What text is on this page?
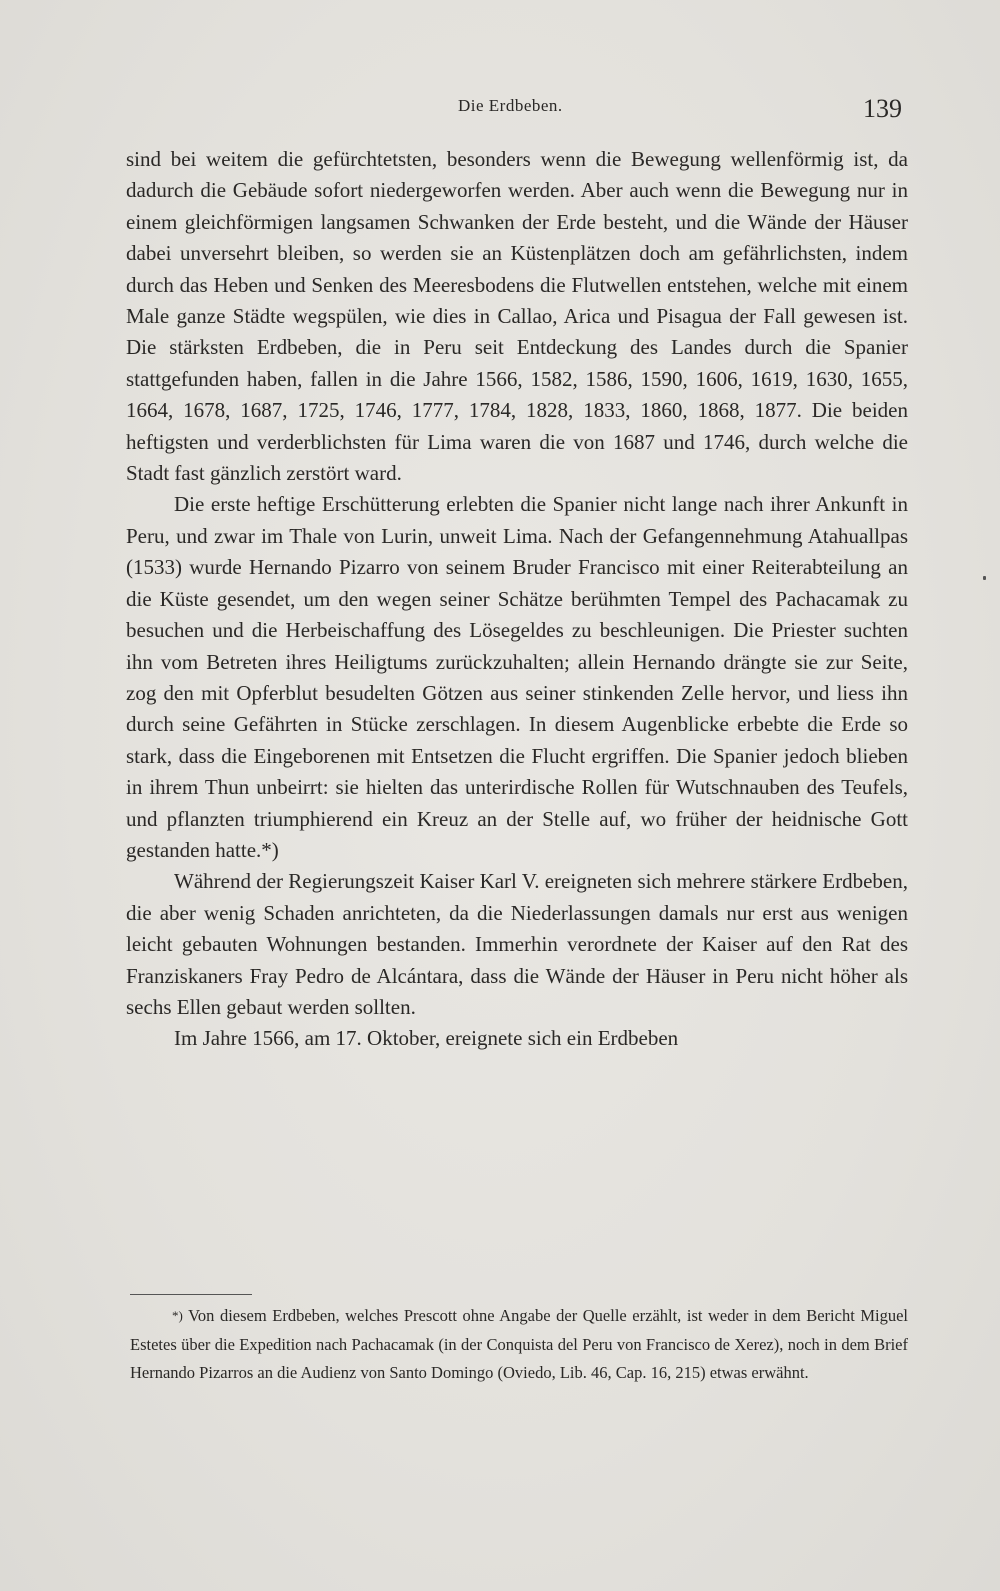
Die Erdbeben.	139

sind bei weitem die gefürchtetsten, besonders wenn die Bewegung wellenförmig ist, da dadurch die Gebäude sofort niedergeworfen werden. Aber auch wenn die Bewegung nur in einem gleichförmigen langsamen Schwanken der Erde besteht, und die Wände der Häuser dabei unversehrt bleiben, so werden sie an Küstenplätzen doch am gefährlichsten, indem durch das Heben und Senken des Meeresbodens die Flutwellen entstehen, welche mit einem Male ganze Städte wegspülen, wie dies in Callao, Arica und Pisagua der Fall gewesen ist. Die stärksten Erdbeben, die in Peru seit Entdeckung des Landes durch die Spanier stattgefunden haben, fallen in die Jahre 1566, 1582, 1586, 1590, 1606, 1619, 1630, 1655, 1664, 1678, 1687, 1725, 1746, 1777, 1784, 1828, 1833, 1860, 1868, 1877. Die beiden heftigsten und verderblichsten für Lima waren die von 1687 und 1746, durch welche die Stadt fast gänzlich zerstört ward.

Die erste heftige Erschütterung erlebten die Spanier nicht lange nach ihrer Ankunft in Peru, und zwar im Thale von Lurin, unweit Lima. Nach der Gefangennehmung Atahuallpas (1533) wurde Hernando Pizarro von seinem Bruder Francisco mit einer Reiterabteilung an die Küste gesendet, um den wegen seiner Schätze berühmten Tempel des Pachacamak zu besuchen und die Herbeischaffung des Lösegeldes zu beschleunigen. Die Priester suchten ihn vom Betreten ihres Heiligtums zurückzuhalten; allein Hernando drängte sie zur Seite, zog den mit Opferblut besudelten Götzen aus seiner stinkenden Zelle hervor, und liess ihn durch seine Gefährten in Stücke zerschlagen. In diesem Augenblicke erbebte die Erde so stark, dass die Eingeborenen mit Entsetzen die Flucht ergriffen. Die Spanier jedoch blieben in ihrem Thun unbeirrt: sie hielten das unterirdische Rollen für Wutschnauben des Teufels, und pflanzten triumphierend ein Kreuz an der Stelle auf, wo früher der heidnische Gott gestanden hatte.*)

Während der Regierungszeit Kaiser Karl V. ereigneten sich mehrere stärkere Erdbeben, die aber wenig Schaden anrichteten, da die Niederlassungen damals nur erst aus wenigen leicht gebauten Wohnungen bestanden. Immerhin verordnete der Kaiser auf den Rat des Franziskaners Fray Pedro de Alcántara, dass die Wände der Häuser in Peru nicht höher als sechs Ellen gebaut werden sollten.

Im Jahre 1566, am 17. Oktober, ereignete sich ein Erdbeben

*) Von diesem Erdbeben, welches Prescott ohne Angabe der Quelle erzählt, ist weder in dem Bericht Miguel Estetes über die Expedition nach Pachacamak (in der Conquista del Peru von Francisco de Xerez), noch in dem Brief Hernando Pizarros an die Audienz von Santo Domingo (Oviedo, Lib. 46, Cap. 16, 215) etwas erwähnt.
